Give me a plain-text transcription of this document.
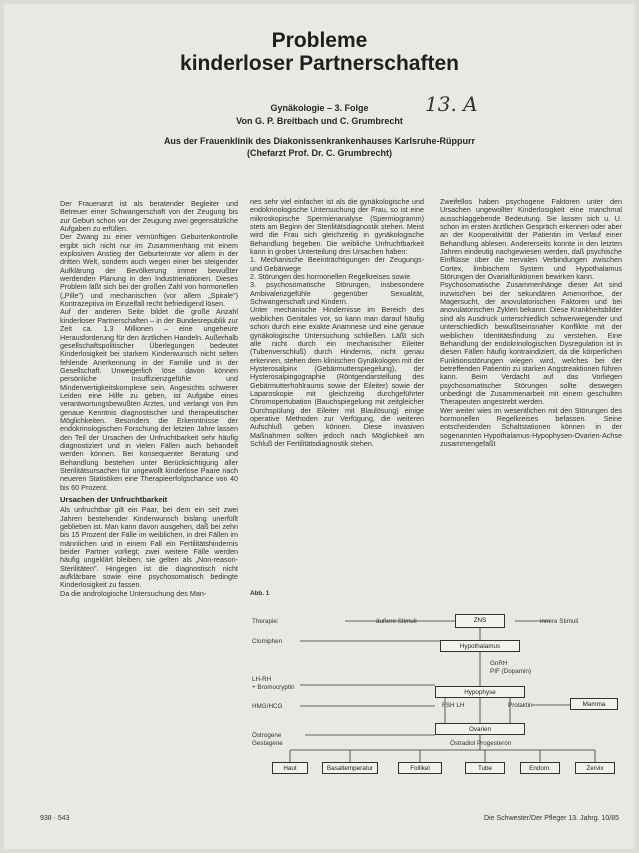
Probleme
kinderloser Partnerschaften
Gynäkologie – 3. Folge
Von G. P. Breitbach und C. Grumbrecht
Aus der Frauenklinik des Diakonissenkrankenhauses Karlsruhe-Rüppurr
(Chefarzt Prof. Dr. C. Grumbrecht)
13. A

Der Frauenarzt ist als beratender Begleiter und Betreuer einer Schwangerschaft von der Zeugung bis zur Geburt schon vor der Zeugung zwei gegensätzliche Aufgaben zu erfüllen.

Der Zwang zu einer vernünftigen Geburtenkontrolle ergibt sich nicht nur im Zusammenhang mit einem explosiven Anstieg der Geburtenrate vor allem in der dritten Welt, sondern auch wegen einer bei steigender Aufklärung der Bevölkerung immer bewußter werdenden Planung in den Industrienationen. Dieses Problem läßt sich bei der großen Zahl von hormonellen („Pille") und mechanischen (vor allem „Spirale") Kontrazeptiva im Einzelfall recht befriedigend lösen.

Auf der anderen Seite bildet die große Anzahl kinderloser Partnerschaften – in der Bundesrepublik zur Zeit ca. 1,3 Millionen – eine ungeheure Herausforderung für den ärztlichen Handeln. Außerhalb gesellschaftspolitischer Überlegungen bedeutet Kinderlosigkeit bei starkem Kinderwunsch nicht selten fehlende Anerkennung in der Familie und in der Gesellschaft. Unweigerlich löse davon können persönliche Insuffizienzgefühle und Minderwertigkeitskomplexe sein. Angesichts schwerer Leiden eine Hilfe zu geben, ist Aufgabe eines verantwortungsbewußten Arztes, und verlangt von ihm genaue Kenntnis diagnostischer und therapeutischer Möglichkeiten. Besonders die Erkenntnisse der endokrinologischen Forschung der letzten Jahre lassen den Teil der Ursachen der Unfruchtbarkeit sehr häufig diagnostiziert und in vielen Fällen auch behandelt werden können. Bei konsequenter Beratung und Behandlung bestehen unter Berücksichtigung aller Sterilitätsursachen für ungewollt kinderlose Paare nach neueren Statistiken eine Therapieerfolgschance von 40 bis 60 Prozent.

Ursachen der Unfruchtbarkeit

Als unfruchtbar gilt ein Paar, bei dem ein seit zwei Jahren bestehender Kinderwunsch bislang unerfüllt geblieben ist. Man kann davon ausgehen, daß bei zehn bis 15 Prozent der Fälle im weiblichen, in drei Fällen im männlichen und in einem Fall ein Fertilitätshindernis beider Partner vorliegt; zwei weitere Fälle werden häufig ungeklärt bleiben; sie gelten als „Non-reason-Sterilitäten". Hingegen ist die diagnostisch nicht aufklärbare sowie eine psychosomatisch bedingte Kinderlosigkeit zu fassen.

Da die andrologische Untersuchung des Man-

nes sehr viel einfacher ist als die gynäkologische und endokrinologische Untersuchung der Frau, so ist eine mikroskopische Spermienanalyse (Spermiogramm) stets am Beginn der Sterilitätsdiagnostik stehen. Meist wird die Frau sich gleichzeitig in gynäkologische Behandlung begeben. Die weibliche Unfruchtbarkeit kann in grober Unterteilung drei Ursachen haben:

1. Mechanische Beeinträchtigungen der Zeugungs- und Gebärwege

2. Störungen des hormonellen Regelkreises sowie

3. psychosomatische Störungen, insbesondere Ambivalenzgefühle gegenüber Sexualität, Schwangerschaft und Kindern.

Unter mechanische Hindernisse im Bereich des weiblichen Genitales vor, so kann man darauf häufig schon durch eine exakte Anamnese und eine genaue gynäkologische Untersuchung schließen. Läßt sich alle nicht durch ein mechanischer Eileiter (Tubenverschluß) durch Hindernis, nicht genau erkennen, stehen dem klinischen Gynäkologen mit der Hysterosalpinx (Gebärmutterspiegelung), der Hysterosalpingographie (Röntgendarstellung des Gebärmutterhohlraums sowie der Eileiter) sowie der Laparoskopie mit gleichzeitig durchgeführter Chromopertubation (Bauchspiegelung mit zeitgleicher Durchspülung der Eileiter mit Blaulösung) einige operative Methoden zur Verfügung, die weiteren Aufschluß geben können. Diese invasiven Maßnahmen sollten jedoch nach Möglichkeit am Schluß der Fertilitätsdiagnostik stehen.

Zweifellos haben psychogene Faktoren unter den Ursachen ungewollter Kinderlosigkeit eine manchmal ausschlaggebende Bedeutung. Sie lassen sich u. U. schon im ersten ärztlichen Gespräch erkennen oder aber an der Kooperativität der Patientin im Verlauf einer Behandlung ablesen. Andererseits konnte in den letzten Jahren eindeutig nachgewiesen werden, daß psychische Einflüsse über die nervalen Verbindungen zwischen Cortex, limbischem System und Hypothalamus Störungen der Ovarialfunktionen bewirken kann.

Psychosomatische Zusammenhänge dieser Art sind inzwischen bei der sekundären Amenorrhoe, der Magersucht, der anovulatorischen Faktoren und bei anovulatorischen Zyklen bekannt. Diese Krankheitsbilder sind als Ausdruck unterschiedlich schwerwiegender und unterschiedlich bewußtseinsnaher Konflikte mit der weiblichen Identitätsfindung zu verstehen. Eine Behandlung der endokrinologischen Dysregulation ist in diesen Fällen häufig kontraindiziert, da die körperlichen Funktionsstörungen wiegen wird, welches bei der betreffenden Patientin zu starken Angstreaktionen führen kann. Beim Verdacht auf das Vorliegen psychosomatischer Störungen sollte deswegen unbedingt die Zusammenarbeit mit einem geschulten Therapeuten angestrebt werden.

Wer weiter wies im wesentlichen mit den Störungen des hormonellen Regelkreises befassen. Seine entscheidenden Schaltstationen können in der sogenannten Hypothalamus-Hypophysen-Ovarien-Achse zusammengefaßt

Abb. 1
Therapie:
Clomiphen
LH-RH
+ Bromocryptin
HMG/HCG
Östrogene
Gestagene
äußere Stimuli	innere Stimuli
ZNS
Hypothalamus
GnRH
PIF (Dopamin)
Hypophyse
FSH LH	Prolaktin	Mamma
Ovarien
Östradiol Progesteron
Haut	Basaltemperatur	Follikel	Tube	Endom.	Zervix
938 · 543	Die Schwester/Der Pfleger 13. Jahrg. 10/85
